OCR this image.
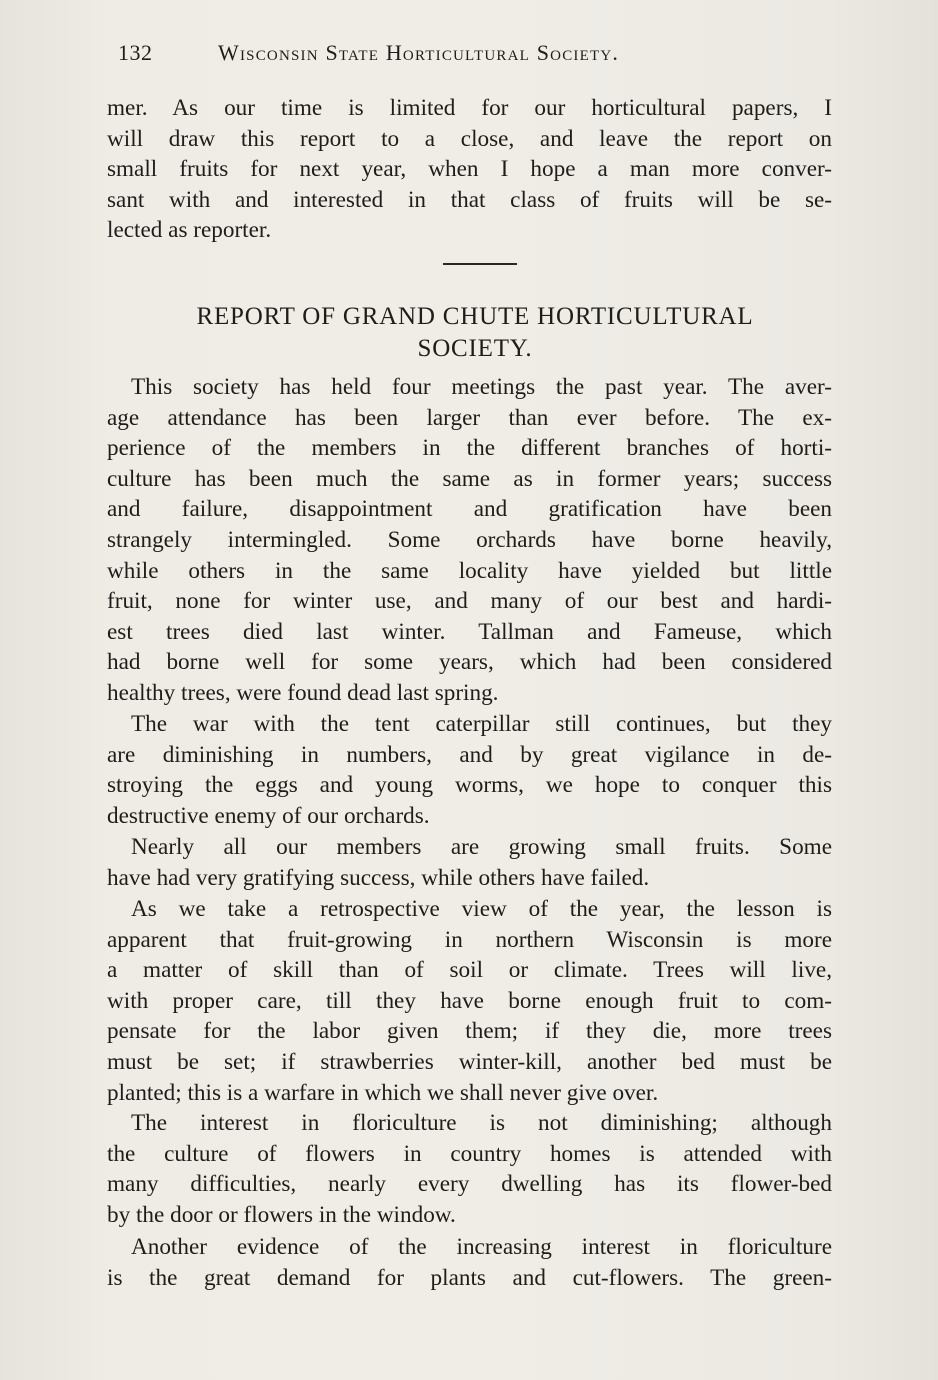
132	Wisconsin State Horticultural Society.
mer. As our time is limited for our horticultural papers, I
will draw this report to a close, and leave the report on
small fruits for next year, when I hope a man more conver-
sant with and interested in that class of fruits will be se-
lected as reporter.
REPORT OF GRAND CHUTE HORTICULTURAL
SOCIETY.
This society has held four meetings the past year. The aver-
age attendance has been larger than ever before. The ex-
perience of the members in the different branches of horti-
culture has been much the same as in former years; success
and failure, disappointment and gratification have been
strangely intermingled. Some orchards have borne heavily,
while others in the same locality have yielded but little
fruit, none for winter use, and many of our best and hardi-
est trees died last winter. Tallman and Fameuse, which
had borne well for some years, which had been considered
healthy trees, were found dead last spring.
The war with the tent caterpillar still continues, but they
are diminishing in numbers, and by great vigilance in de-
stroying the eggs and young worms, we hope to conquer this
destructive enemy of our orchards.
Nearly all our members are growing small fruits. Some
have had very gratifying success, while others have failed.
As we take a retrospective view of the year, the lesson is
apparent that fruit-growing in northern Wisconsin is more
a matter of skill than of soil or climate. Trees will live,
with proper care, till they have borne enough fruit to com-
pensate for the labor given them; if they die, more trees
must be set; if strawberries winter-kill, another bed must be
planted; this is a warfare in which we shall never give over.
The interest in floriculture is not diminishing; although
the culture of flowers in country homes is attended with
many difficulties, nearly every dwelling has its flower-bed
by the door or flowers in the window.
Another evidence of the increasing interest in floriculture
is the great demand for plants and cut-flowers. The green-
